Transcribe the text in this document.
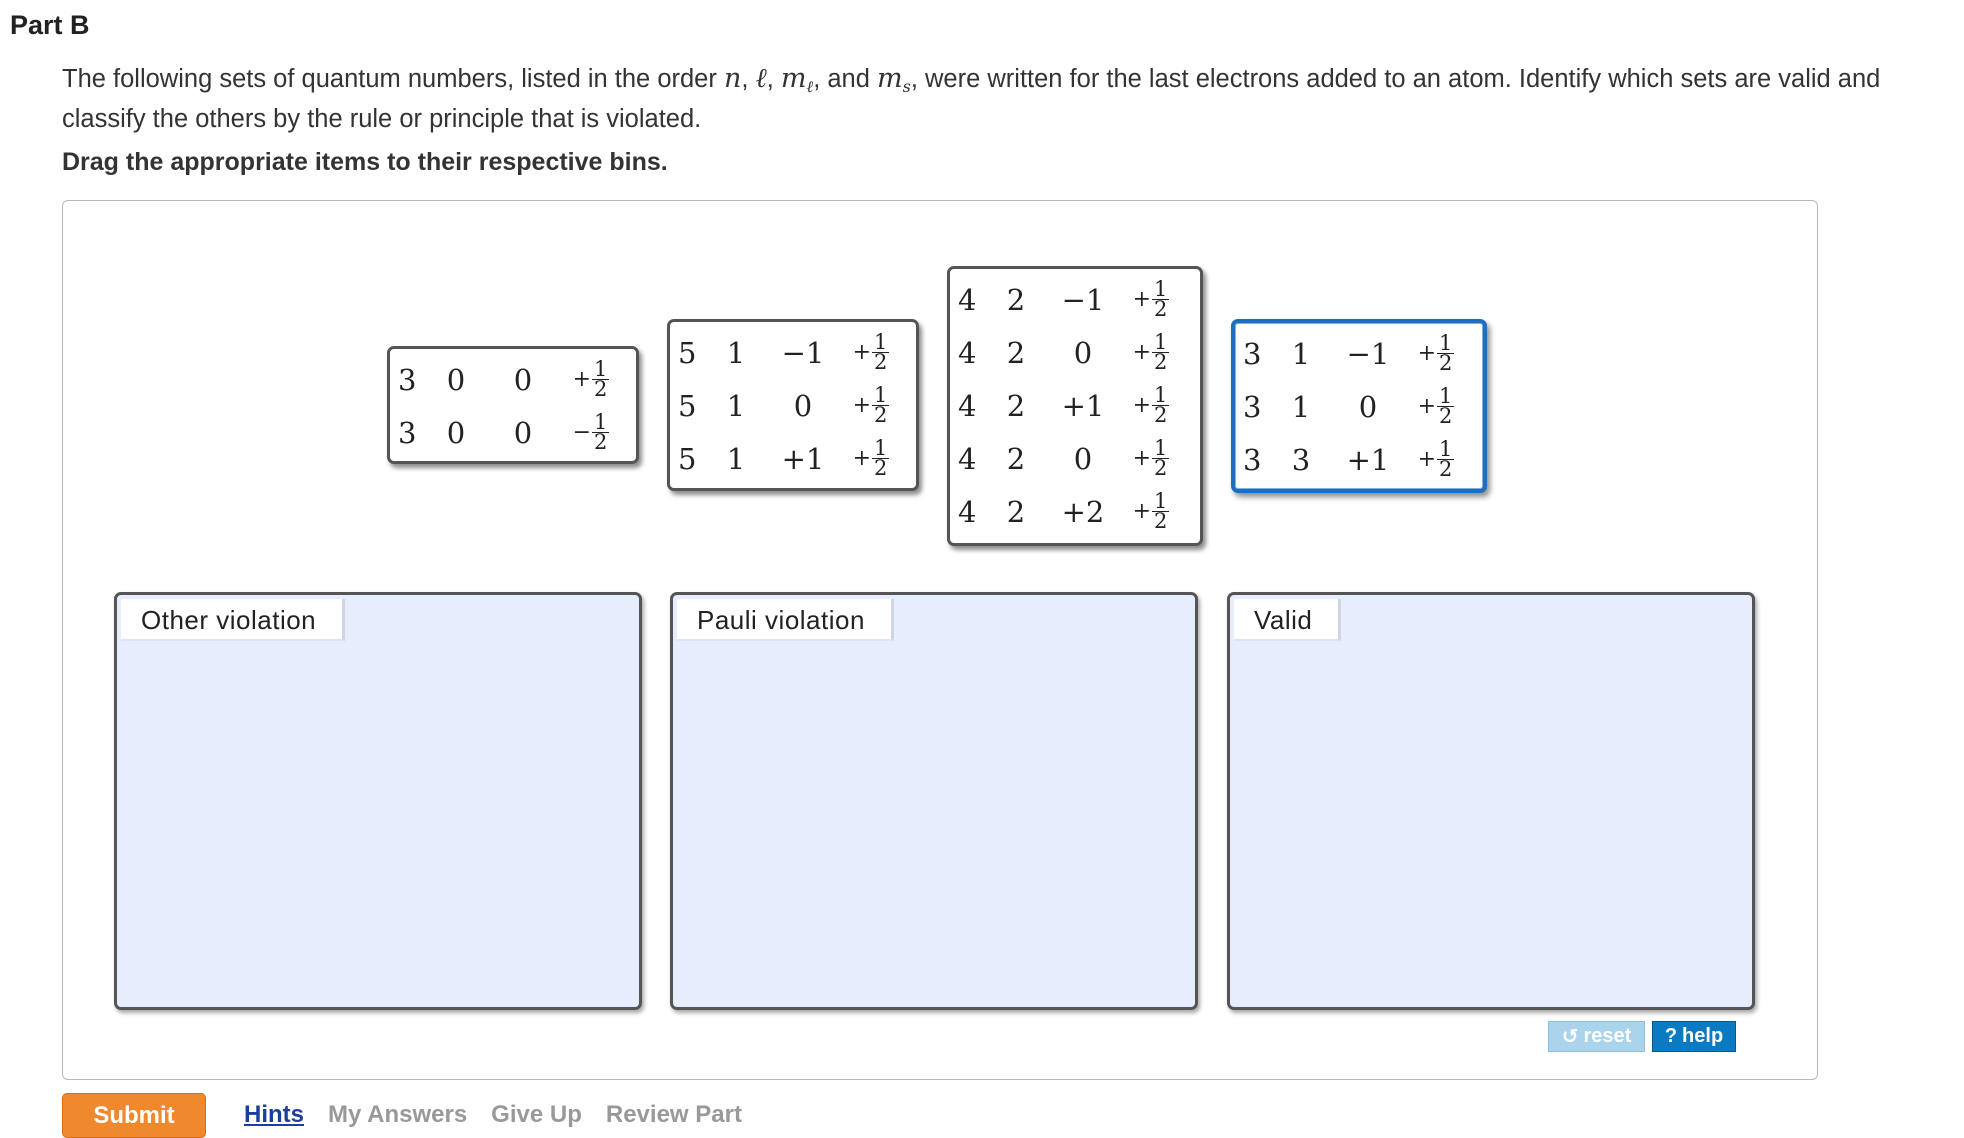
Part B
The following sets of quantum numbers, listed in the order n, ℓ, $m_\ell$, and $m_s$, were written for the last electrons added to an atom. Identify which sets are valid and classify the others by the rule or principle that is violated.
Drag the appropriate items to their respective bins.
3	0	0	+ $\frac{1}{2}$
3	0	0	− $\frac{1}{2}$
5	1	−1	+ $\frac{1}{2}$
5	1	0	+ $\frac{1}{2}$
5	1	+1	+ $\frac{1}{2}$
4	2	−1	+ $\frac{1}{2}$
4	2	0	+ $\frac{1}{2}$
4	2	+1	+ $\frac{1}{2}$
4	2	0	+ $\frac{1}{2}$
4	2	+2	+ $\frac{1}{2}$
3	1	−1	+ $\frac{1}{2}$
3	1	0	+ $\frac{1}{2}$
3	3	+1	+ $\frac{1}{2}$
Other violation	Pauli violation	Valid
↺ reset ? help
Submit	Hints My Answers Give Up Review Part
